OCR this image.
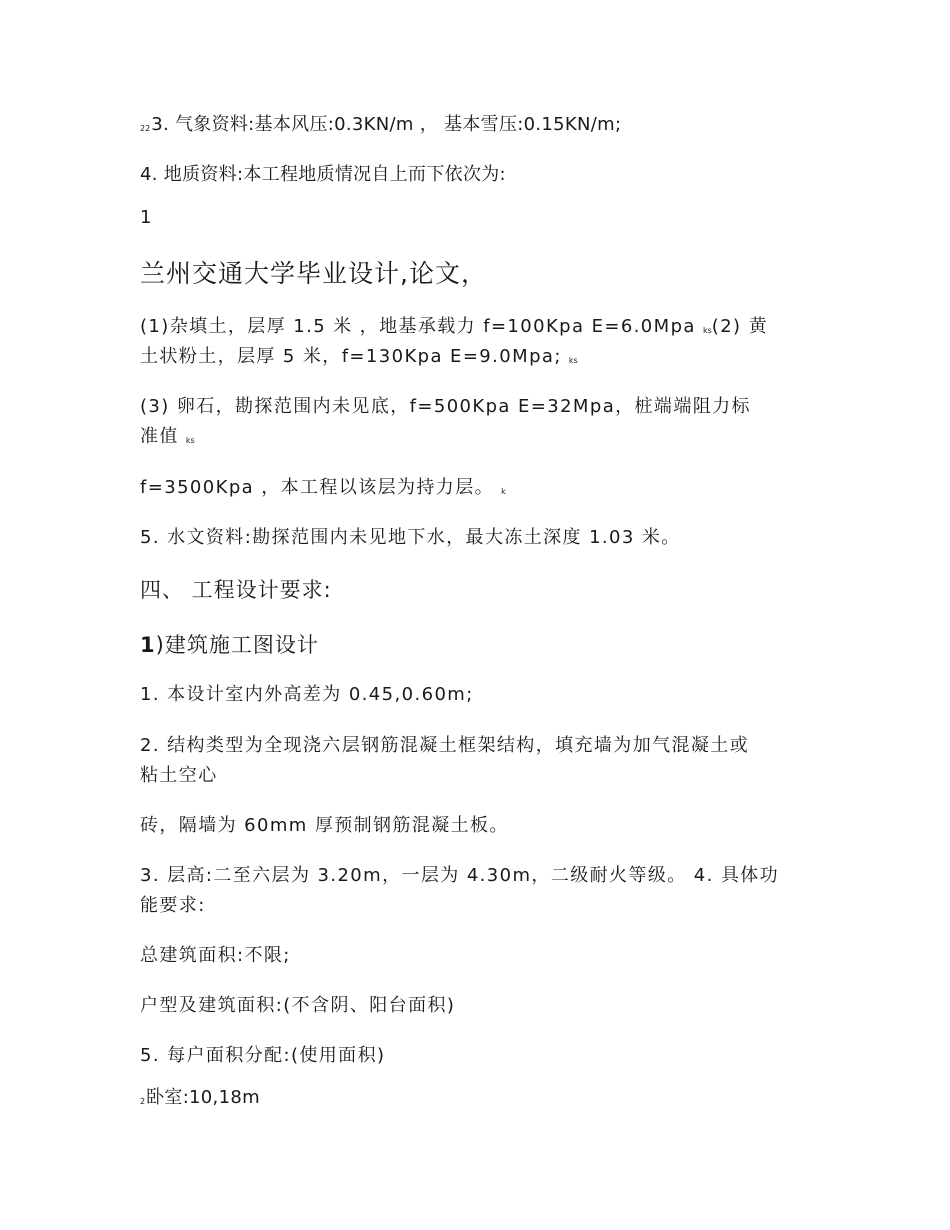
223. 气象资料:基本风压:0.3KN/m ， 基本雪压:0.15KN/m;

4. 地质资料:本工程地质情况自上而下依次为:

1

兰州交通大学毕业设计,论文，

(1)杂填土，层厚 1.5 米 ，地基承载力 f=100Kpa E=6.0Mpa ks(2) 黄

土状粉土，层厚 5 米，f=130Kpa E=9.0Mpa; ks

(3) 卵石，勘探范围内未见底，f=500Kpa E=32Mpa，桩端端阻力标

准值 ks

f=3500Kpa ，本工程以该层为持力层。 k

5. 水文资料:勘探范围内未见地下水，最大冻土深度 1.03 米。

四、 工程设计要求:

1)建筑施工图设计

1. 本设计室内外高差为 0.45,0.60m;

2. 结构类型为全现浇六层钢筋混凝土框架结构，填充墙为加气混凝土或

粘土空心

砖，隔墙为 60mm 厚预制钢筋混凝土板。

3. 层高:二至六层为 3.20m，一层为 4.30m，二级耐火等级。 4. 具体功

能要求:

总建筑面积:不限;

户型及建筑面积:(不含阴、阳台面积)

5. 每户面积分配:(使用面积)

2卧室:10,18m
